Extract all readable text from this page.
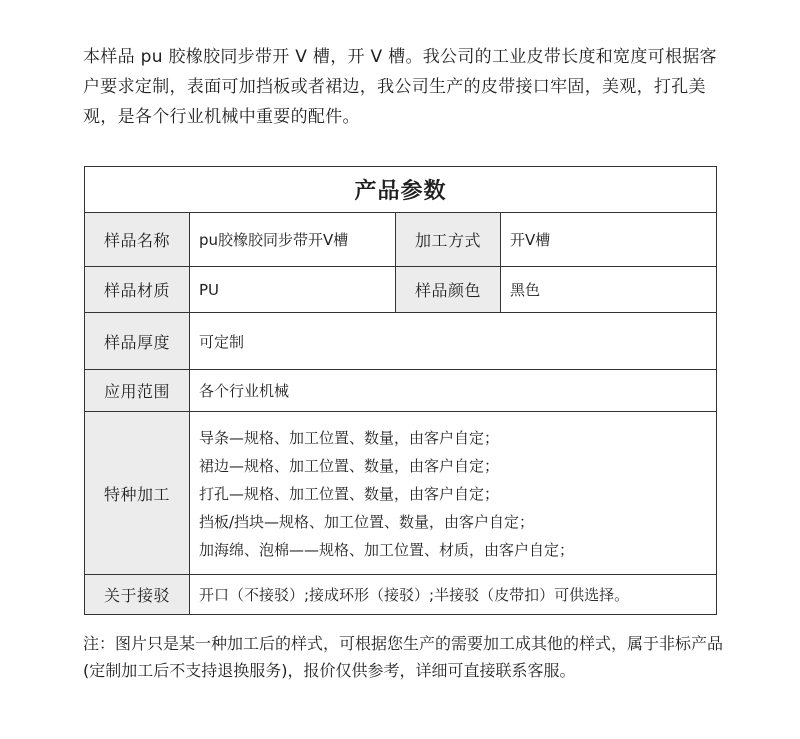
本样品 pu 胶橡胶同步带开 V 槽，开 V 槽。我公司的工业皮带长度和宽度可根据客户要求定制，表面可加挡板或者裙边，我公司生产的皮带接口牢固，美观，打孔美观，是各个行业机械中重要的配件。

产品参数			
样品名称	pu胶橡胶同步带开V槽	加工方式	开V槽
样品材质	PU	样品颜色	黑色
样品厚度	可定制		
应用范围	各个行业机械		
特种加工	导条—规格、加工位置、数量，由客户自定；
裙边—规格、加工位置、数量，由客户自定；
打孔—规格、加工位置、数量，由客户自定；
挡板/挡块—规格、加工位置、数量，由客户自定；
加海绵、泡棉——规格、加工位置、材质，由客户自定；		

关于接驳	开口（不接驳）;接成环形（接驳）;半接驳（皮带扣）可供选择。		

注：图片只是某一种加工后的样式，可根据您生产的需要加工成其他的样式，属于非标产品(定制加工后不支持退换服务)，报价仅供参考，详细可直接联系客服。
